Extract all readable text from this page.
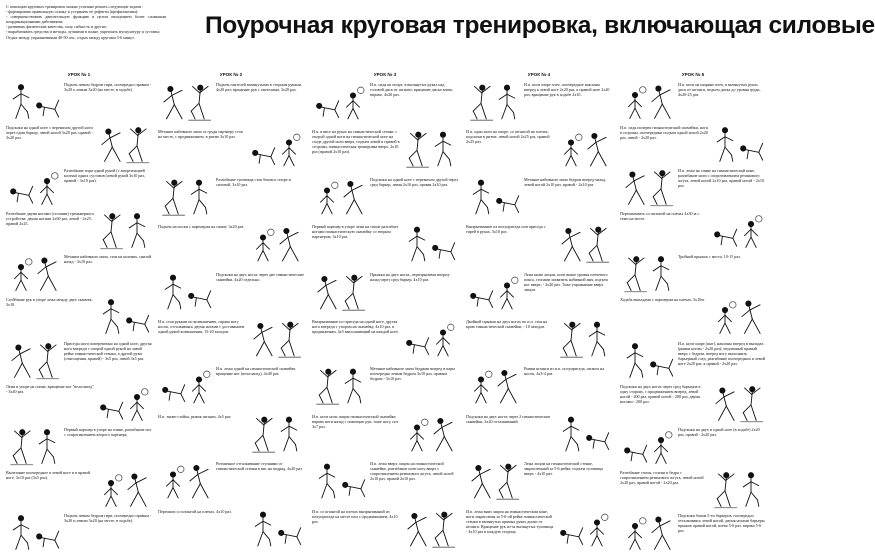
С помощью круговых тренировок можно успешно решать следующие задачи :

- формировать правильную осанку и устранять её дефекты (профилактика);

- совершенствовать двигательную функцию в целом овладением более сложными координационными действиями;

- развивать физические качества, силу, гибкость и другие;

- вырабатывать средства и методы, лучшими в плане, укреплять мускулатуру и суставы;

Отдых между упражнениями 40-50 сек., отдых между кругами 5-6 минут.	Поурочная круговая тренировка, включающая силовые
УРОК № 1
Подъем левым бедром гири, поочередно правым - 3х20 к левым 3х20 (на месте, в ходьбе).
Подскоки на одной ноге с перемахом другой ноги через одни барьер, левой ногой 3х20 раз, правой - 3х20 раз.
Разгибание гири одной рукой (с амортизацией колена) одних суставов (левой рукой 3х10 раз, правой - 3х10 раз).
Разгибание двумя ногами (стопами) тренажерного устройства: двумя ногами 2х60 раз, левой - 2х25, правой 2х25.
Метание набивного мяча, стоя на коленях, снизой назад - 3х10 раз.
Стойбание рук в упоре лежа между двух скамеек, 3х10.
Приседы ноги попеременно на одной ноге, другая нога впереди с опорой одной рукой на лавой рейке гимнастической стенки, а другой руки (отягощения, правой) - 3х5 раз, левой 3х5 раз.
Лежа в упоре на спине, вращение ног "велосипед" - 3х40 раз.
Первый партнер в упоре на спине, разгибание ног с сопротивлением второго партнера.
Вылезание поочередное в левой ноге и в правой ноге, 3х10 раз (3х5 раз).
Подъем левым бедром гири, поочередно правым - 3х20 и левым 3х20 (на месте, в ходьбе).
УРОК № 2
Подъем гантелей вытянутыми в стороны руками. 4х20 раз; вращение рук с гантелями, 3х20 раз.
Метание набивного мяча от груди партнеру стоя на месте, с продвижением, в ритме 3х10 раз.
Разгибание туловища стоя боком к опоре и силовой, 3х10 раз.
Подъем на носки с партнером на спине, 3х20 раз.
Подскоки на двух ногах через две гимнастические скамейки, 4х20 отдельно.
И.п. стоя руками по возвышению, справа ногу носок, отталкиваясь двумя ногами с доставанием одной рукой возвышения, 15-20 заходов.
И.п. лежа одной на гимнастической скамейке, вращение ног (велосипед), 4х40 раз.
И.п. тягаю стойка, рывок штанги, 4х5 раз.
Ритмичное отталкивание ступнями от гимнастической стенки в вис на подряд, 4х20 раз.
Перешаги со штангой на плечах, 4х10 раз.
УРОК № 3
И.п. сидя на опоре, в вытянутых руках над головой диск от штанги; вращение диска влево, вправо, 4х20 раз.
И.п. в висе на руках на гимнастической стенке, с опорой одной ноги на гимнастической ноге на сходе другой ноги вверх, подъем левой и правой в стороны, гимнастическая тренировка вверх, 2х10 раз (правой 2х10 раз).
Подскоки на одной ноге с перемахом другой через сред барьер, левая 2х10 раз, правая 2х10 раз.
Первый партнер в упоре лежа на спине разгибает ногами гимнастическую скамейку со вторым партнером, 3х10 раз.
Прыжки на двух ногах, перепрыгивая вперед-назад через сред барьер, 4х10 раз.
Выпрыгивание по приседа на одной ноге, другая нога впереди с упором на скамейку, 4х10 раз, в продвижении, 4х5 выполняющий на каждой ноге.
Метание набивного мяча бедрами вперед в пары поочередно левым бедром 3х10 раз, правым бедром - 3х10 раз.
И.п. ноги ноги лицом гимнастической скамейке, вправо ноги назад с помощью рук, тоже ногу, пот 3х7 раз.
И.п. лежа вверх лицом на гимнастической скамейке, разгибание ноги ногу вверх с сопротивлением резинового жгута, левой ногой 2х10 раз, правой 2х10 раз.
И.п. со штангой на плечах выпрыгиваний из полуприседа на месте или с продвижением, 4х10 раз.
УРОК № 4
И.п. ноги шире плеч, поочередное наклоны вперед к левой ноге 2х20 раз, к правой ноге 2х20 раз; вращение рук в ходьбе 2х10.
И.п. один ноги на опоре, со штангой на плечах, подскоки в ритме, левой ногой 2х25 раз, правой 2х25 раз.
Метание набивного мяча бедром вперед-назад, левой ногой 2х10 раз, правой - 2х10 раз.
Выпрыгивание из полуприседа или приседа с гирей в руках, 3х10 раз.
Лежа ниже лицом, ноги выше уровня плечевого пояса, стопами захватить набивной мяч, подъем ног вверх, - 2х20 раз. Тоже упражнение вверх лицом.
Двойной прыжок на двух ногах по и.п. стоя на краю гимнастической скамейки, - 10 заходов.
Рывки штанги из и.п. полуприседа, штанга на носок, 4х3-4 раз.
Подскоки на двух ногах через 2 гимнастические скамейки, 2х20 отталкиваний.
Лежа лицом на гимнастической стенке, закрепленный за 5-6 рейке, подъем туловища вверх - 4х10 раз.
И.п. лежа вниз лицом на гимнастическом коне, ноги закреплены за 5-6-ой рейке гимнастической стенки в вытянутых прямых руках диски от штанги. Вращение рук из-за вытянутых туловища - 4х10 раз в каждую сторону.
УРОК № 5
И.п. ноги на ширине плеч, в вытянутых руках диск от штанги, подъем диска до уровня груди, 4х20-25 раз.
И.п. сидя поперек гимнастической скамейки, ноги в стороны, поочередные подъем одной ногой 2х20 раз, левой - 2х20 раз.
И.п. лежа на спине на гимнастической коне, разгибание ноги с сопротивлением резинового жгута, левой ногой 2х10 раз, правой ногой - 2х10 раз.
Перешагивать со штангой на плечах 4х30 м.с. темп на месте.
Тройной прыжок с места, 10-15 раз.
Ходьба выпадами с партнером на плечах, 3х10м.
И.п. ноги шире (шаг), наклоны вперед в выпадах (рывки ногам - 2х20 раз); медленный правый вверх с бедром, вперед ногу выполнить барьерный след, разгибание поочередных к левой ноге 2х20 раз, к правой - 2х20 раз.
Подскоки на двух ногах через сред барьеров в одну сторону, с продвижением вперед, левой ногой - 200 раз, правой ногой - 200 раз, двумя ногами - 200 раз.
Подскоки на двух и одной ноге (в ходьбе) 2х20 раз, правой - 2х20 раз.
Разгибание стопы, голени и бедра с сопротивлением резинового жгута, левой ногой 2х20 раз, правой ногой - 2х20 раз.
Подскоки боком 5-ти барьеров, поочередно отталкиваясь левой ногой, двумя ногами барьеры прыжок правой ногой, влево 5-6 раз, вправо 5-6 раз.
